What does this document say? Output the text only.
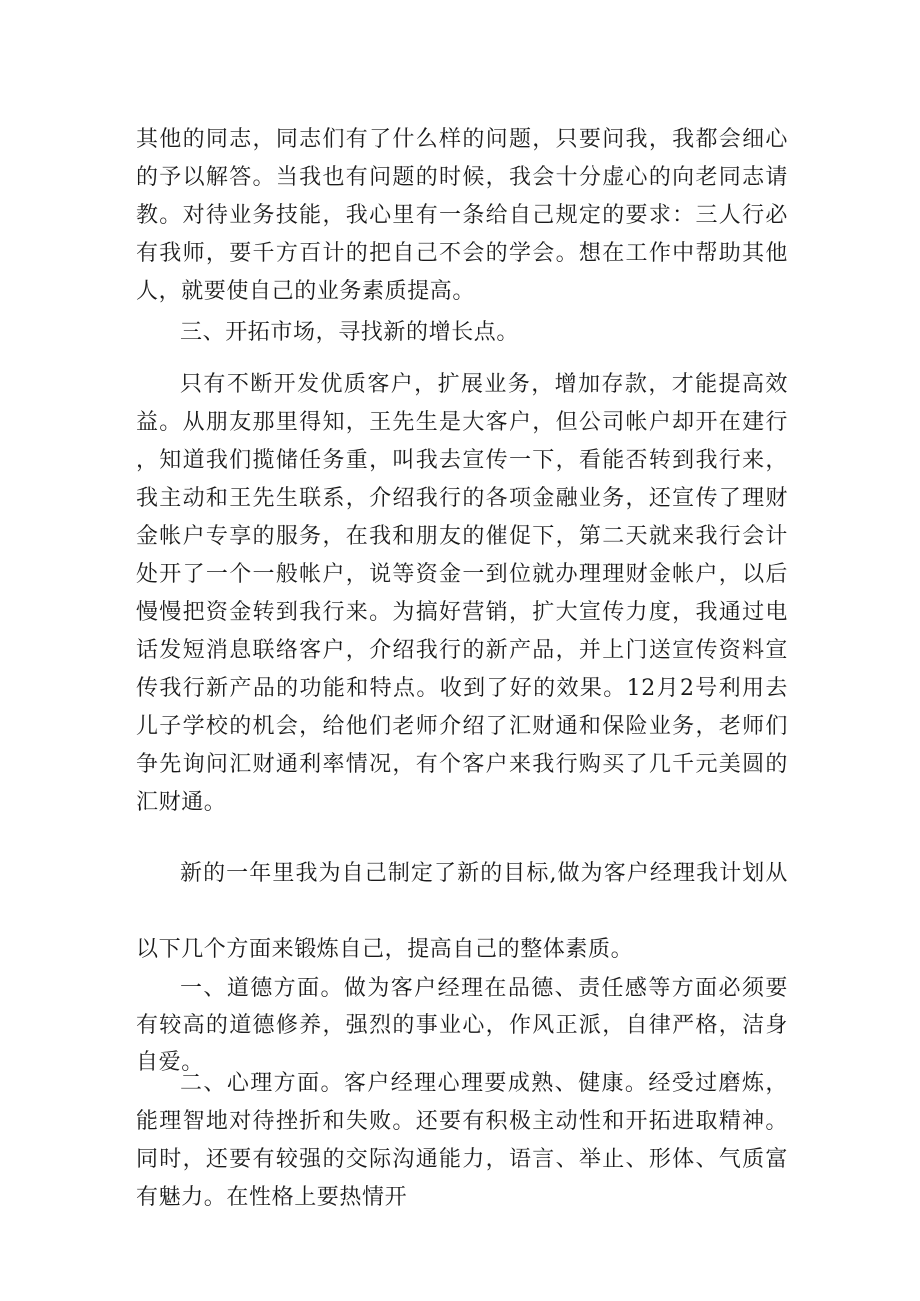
其他的同志，同志们有了什么样的问题，只要问我，我都会细心的予以解答。当我也有问题的时候，我会十分虚心的向老同志请教。对待业务技能，我心里有一条给自己规定的要求：三人行必有我师，要千方百计的把自己不会的学会。想在工作中帮助其他人，就要使自己的业务素质提高。

三、开拓市场，寻找新的增长点。

只有不断开发优质客户，扩展业务，增加存款，才能提高效益。从朋友那里得知，王先生是大客户，但公司帐户却开在建行，知道我们揽储任务重，叫我去宣传一下，看能否转到我行来，我主动和王先生联系，介绍我行的各项金融业务，还宣传了理财金帐户专享的服务，在我和朋友的催促下，第二天就来我行会计处开了一个一般帐户，说等资金一到位就办理理财金帐户，以后慢慢把资金转到我行来。为搞好营销，扩大宣传力度，我通过电话发短消息联络客户，介绍我行的新产品，并上门送宣传资料宣传我行新产品的功能和特点。收到了好的效果。12月2号利用去儿子学校的机会，给他们老师介绍了汇财通和保险业务，老师们争先询问汇财通利率情况，有个客户来我行购买了几千元美圆的汇财通。

新的一年里我为自己制定了新的目标,做为客户经理我计划从以下几个方面来锻炼自己，提高自己的整体素质。

一、道德方面。做为客户经理在品德、责任感等方面必须要有较高的道德修养，强烈的事业心，作风正派，自律严格，洁身自爱。

二、心理方面。客户经理心理要成熟、健康。经受过磨炼，能理智地对待挫折和失败。还要有积极主动性和开拓进取精神。同时，还要有较强的交际沟通能力，语言、举止、形体、气质富有魅力。在性格上要热情开
